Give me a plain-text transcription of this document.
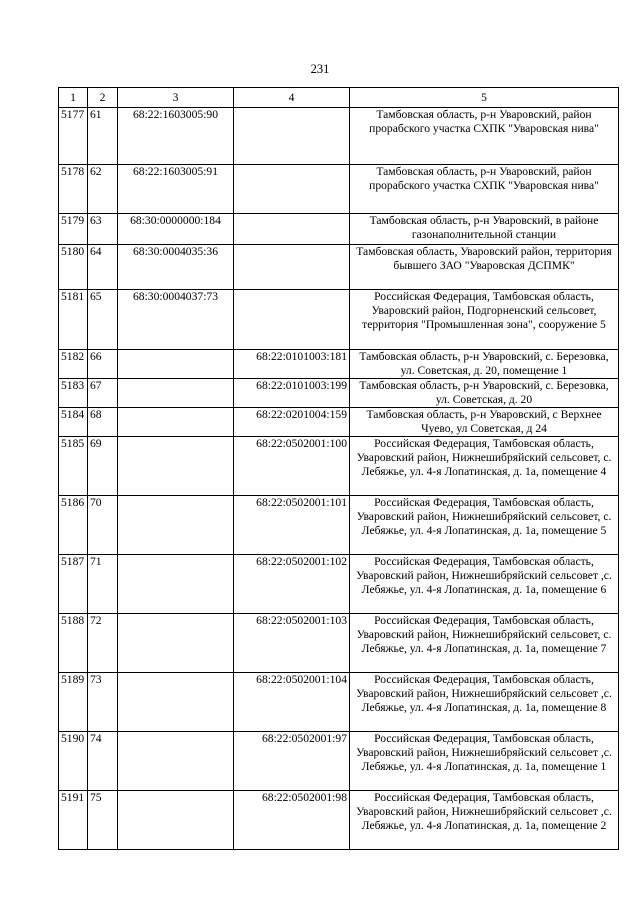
231
1	2	3	4	5
5177	61	68:22:1603005:90		Тамбовская область, р-н Уваровский, район прорабского участка СХПК "Уваровская нива"
5178	62	68:22:1603005:91		Тамбовская область, р-н Уваровский, район прорабского участка СХПК "Уваровская нива"
5179	63	68:30:0000000:184		Тамбовская область, р-н Уваровский, в районе газонаполнительной станции
5180	64	68:30:0004035:36		Тамбовская область, Уваровский район, территория бывшего ЗАО "Уваровская ДСПМК"
5181	65	68:30:0004037:73		Российская Федерация, Тамбовская область, Уваровский район, Подгорненский сельсовет, территория "Промышленная зона", сооружение 5
5182	66		68:22:0101003:181	Тамбовская область, р-н Уваровский, с. Березовка, ул. Советская, д. 20, помещение 1
5183	67		68:22:0101003:199	Тамбовская область, р-н Уваровский, с. Березовка, ул. Советская, д. 20
5184	68		68:22:0201004:159	Тамбовская область, р-н Уваровский, с Верхнее Чуево, ул Советская, д 24
5185	69		68:22:0502001:100	Российская Федерация, Тамбовская область, Уваровский район, Нижнешибряйский сельсовет, с. Лебяжье, ул. 4-я Лопатинская, д. 1а, помещение 4
5186	70		68:22:0502001:101	Российская Федерация, Тамбовская область, Уваровский район, Нижнешибряйский сельсовет, с. Лебяжье, ул. 4-я Лопатинская, д. 1а, помещение 5
5187	71		68:22:0502001:102	Российская Федерация, Тамбовская область, Уваровский район, Нижнешибряйский сельсовет ,с. Лебяжье, ул. 4-я Лопатинская, д. 1а, помещение 6
5188	72		68:22:0502001:103	Российская Федерация, Тамбовская область, Уваровский район, Нижнешибряйский сельсовет, с. Лебяжье, ул. 4-я Лопатинская, д. 1а, помещение 7
5189	73		68:22:0502001:104	Российская Федерация, Тамбовская область, Уваровский район, Нижнешибряйский сельсовет ,с. Лебяжье, ул. 4-я Лопатинская, д. 1а, помещение 8
5190	74		68:22:0502001:97	Российская Федерация, Тамбовская область, Уваровский район, Нижнешибряйский сельсовет ,с. Лебяжье, ул. 4-я Лопатинская, д. 1а, помещение 1
5191	75		68:22:0502001:98	Российская Федерация, Тамбовская область, Уваровский район, Нижнешибряйский сельсовет ,с. Лебяжье, ул. 4-я Лопатинская, д. 1а, помещение 2
